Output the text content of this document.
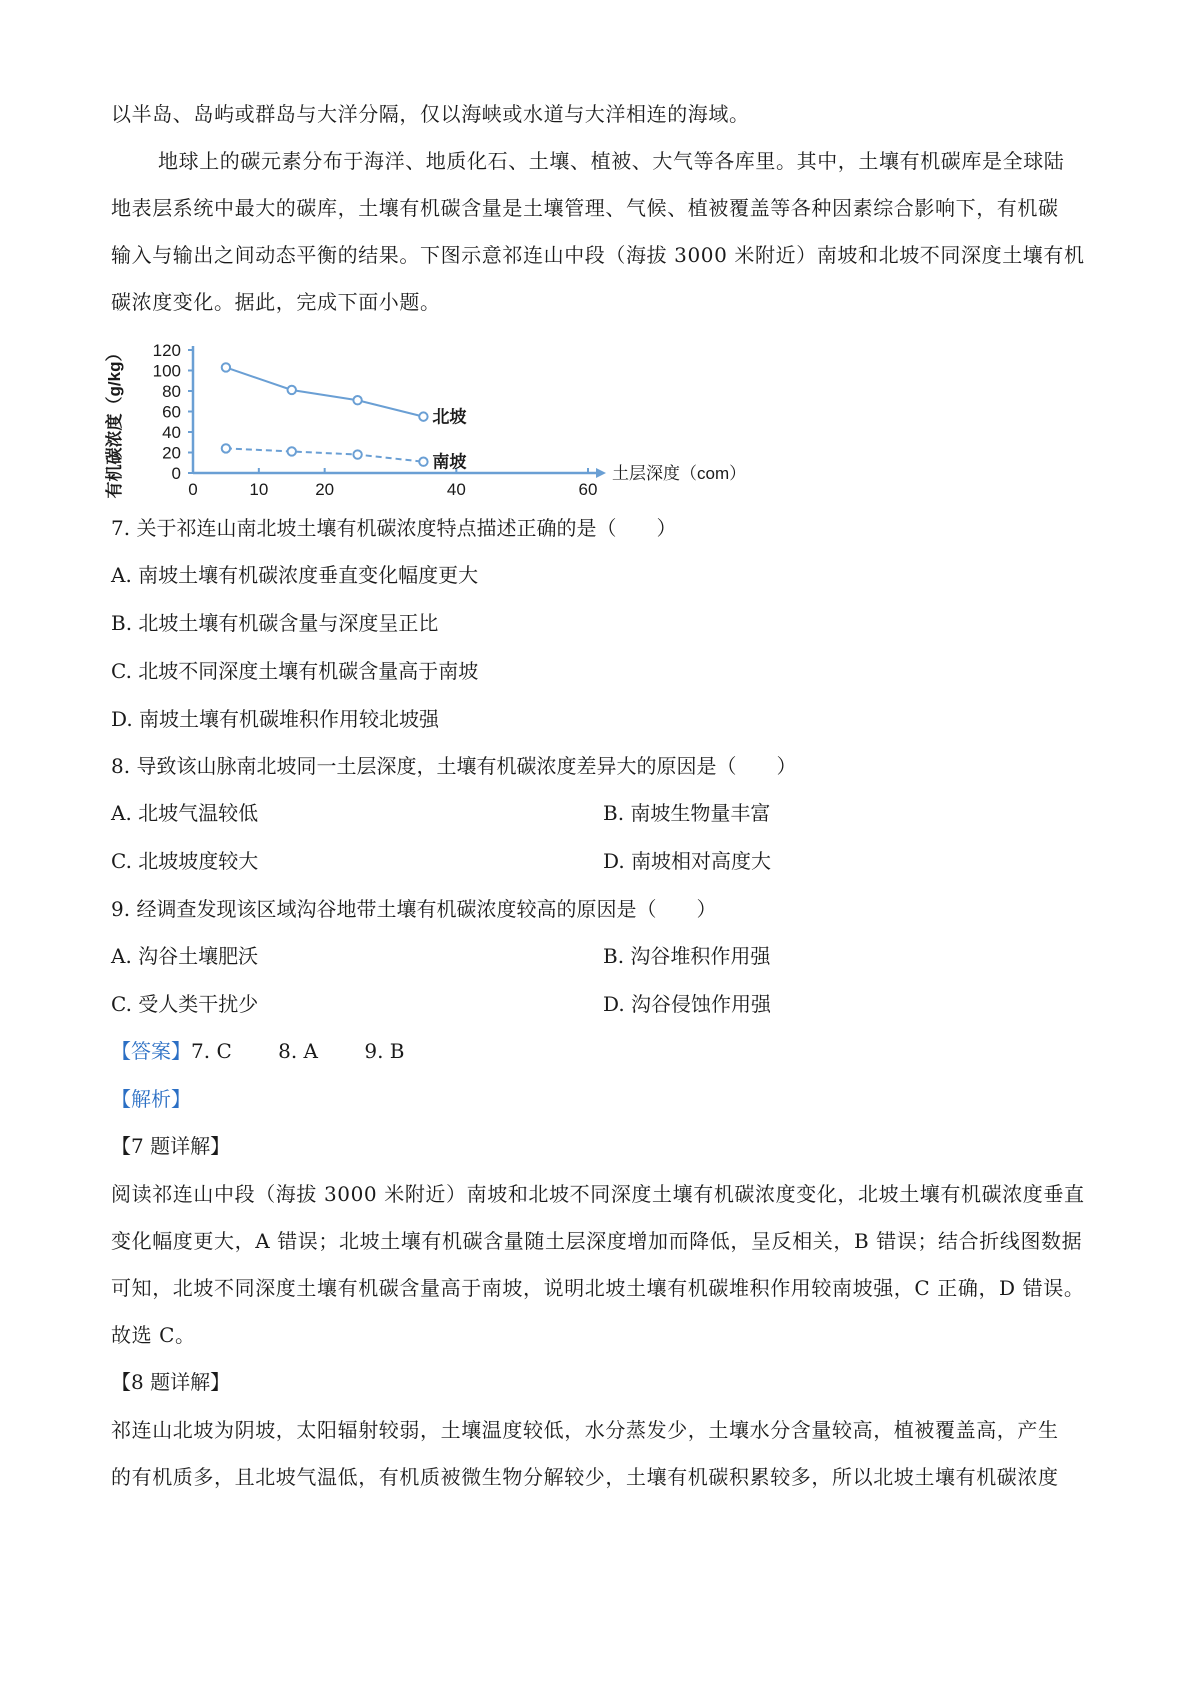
以半岛、岛屿或群岛与大洋分隔，仅以海峡或水道与大洋相连的海域。
地球上的碳元素分布于海洋、地质化石、土壤、植被、大气等各库里。其中，土壤有机碳库是全球陆
地表层系统中最大的碳库，土壤有机碳含量是土壤管理、气候、植被覆盖等各种因素综合影响下，有机碳
输入与输出之间动态平衡的结果。下图示意祁连山中段（海拔 3000 米附近）南坡和北坡不同深度土壤有机
碳浓度变化。据此，完成下面小题。
0
20
40
60
80
100
120
0	10	20	40	60
北坡
南坡
有机碳浓度（g/kg）	土层深度（com）
7. 关于祁连山南北坡土壤有机碳浓度特点描述正确的是（　　）
A. 南坡土壤有机碳浓度垂直变化幅度更大
B. 北坡土壤有机碳含量与深度呈正比
C. 北坡不同深度土壤有机碳含量高于南坡
D. 南坡土壤有机碳堆积作用较北坡强
8. 导致该山脉南北坡同一土层深度，土壤有机碳浓度差异大的原因是（　　）
A. 北坡气温较低	B. 南坡生物量丰富
C. 北坡坡度较大	D. 南坡相对高度大
9. 经调查发现该区域沟谷地带土壤有机碳浓度较高的原因是（　　）
A. 沟谷土壤肥沃	B. 沟谷堆积作用强
C. 受人类干扰少	D. 沟谷侵蚀作用强
【答案】7. C　　 8. A　　 9. B
【解析】
【7 题详解】
阅读祁连山中段（海拔 3000 米附近）南坡和北坡不同深度土壤有机碳浓度变化，北坡土壤有机碳浓度垂直
变化幅度更大，A 错误；北坡土壤有机碳含量随土层深度增加而降低，呈反相关，B 错误；结合折线图数据
可知，北坡不同深度土壤有机碳含量高于南坡，说明北坡土壤有机碳堆积作用较南坡强，C 正确，D 错误。
故选 C。
【8 题详解】
祁连山北坡为阴坡，太阳辐射较弱，土壤温度较低，水分蒸发少，土壤水分含量较高，植被覆盖高，产生
的有机质多，且北坡气温低，有机质被微生物分解较少，土壤有机碳积累较多，所以北坡土壤有机碳浓度
